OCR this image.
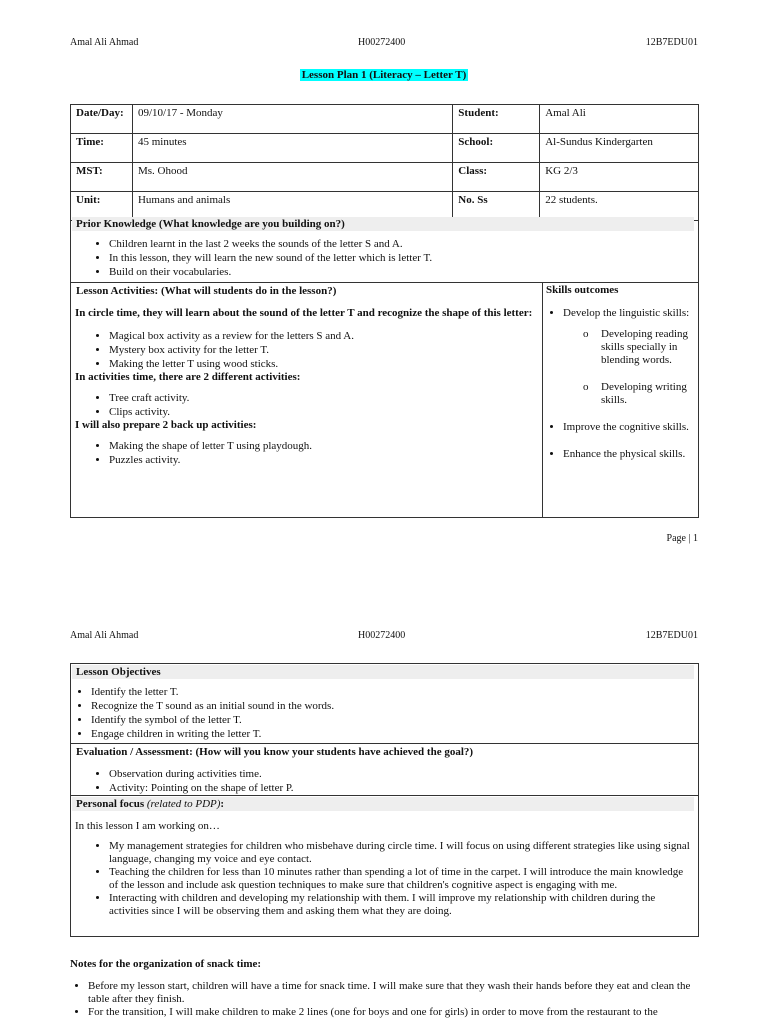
Amal Ali Ahmad	H00272400	12B7EDU01
Lesson Plan 1 (Literacy – Letter T)
Date/Day:	09/10/17 - Monday	Student:	Amal Ali
Time:	45 minutes	School:	Al-Sundus Kindergarten
MST:	Ms. Ohood	Class:	KG 2/3
Unit:	Humans and animals	No. Ss	22 students.
Prior Knowledge (What knowledge are you building on?)
• Children learnt in the last 2 weeks the sounds of the letter S and A.
• In this lesson, they will learn the new sound of the letter which is letter T.
• Build on their vocabularies.
Lesson Activities: (What will students do in the lesson?)
In circle time, they will learn about the sound of the letter T and recognize the shape of this letter:
• Magical box activity as a review for the letters S and A.
• Mystery box activity for the letter T.
• Making the letter T using wood sticks.
In activities time, there are 2 different activities:
• Tree craft activity.
• Clips activity.
I will also prepare 2 back up activities:
• Making the shape of letter T using playdough.
• Puzzles activity.
Skills outcomes
• Develop the linguistic skills:
o Developing reading skills specially in blending words.
o Developing writing skills.
• Improve the cognitive skills.
• Enhance the physical skills.
Page | 1
Amal Ali Ahmad	H00272400	12B7EDU01
Lesson Objectives
• Identify the letter T.
• Recognize the T sound as an initial sound in the words.
• Identify the symbol of the letter T.
• Engage children in writing the letter T.
Evaluation / Assessment: (How will you know your students have achieved the goal?)
• Observation during activities time.
• Activity: Pointing on the shape of letter P.
Personal focus (related to PDP):
In this lesson I am working on…
• My management strategies for children who misbehave during circle time. I will focus on using different strategies like using signal language, changing my voice and eye contact.
• Teaching the children for less than 10 minutes rather than spending a lot of time in the carpet. I will introduce the main knowledge of the lesson and include ask question techniques to make sure that children's cognitive aspect is engaging with me.
• Interacting with children and developing my relationship with them. I will improve my relationship with children during the activities since I will be observing them and asking them what they are doing.
Notes for the organization of snack time:
• Before my lesson start, children will have a time for snack time. I will make sure that they wash their hands before they eat and clean the table after they finish.
• For the transition, I will make children to make 2 lines (one for boys and one for girls) in order to move from the restaurant to the
